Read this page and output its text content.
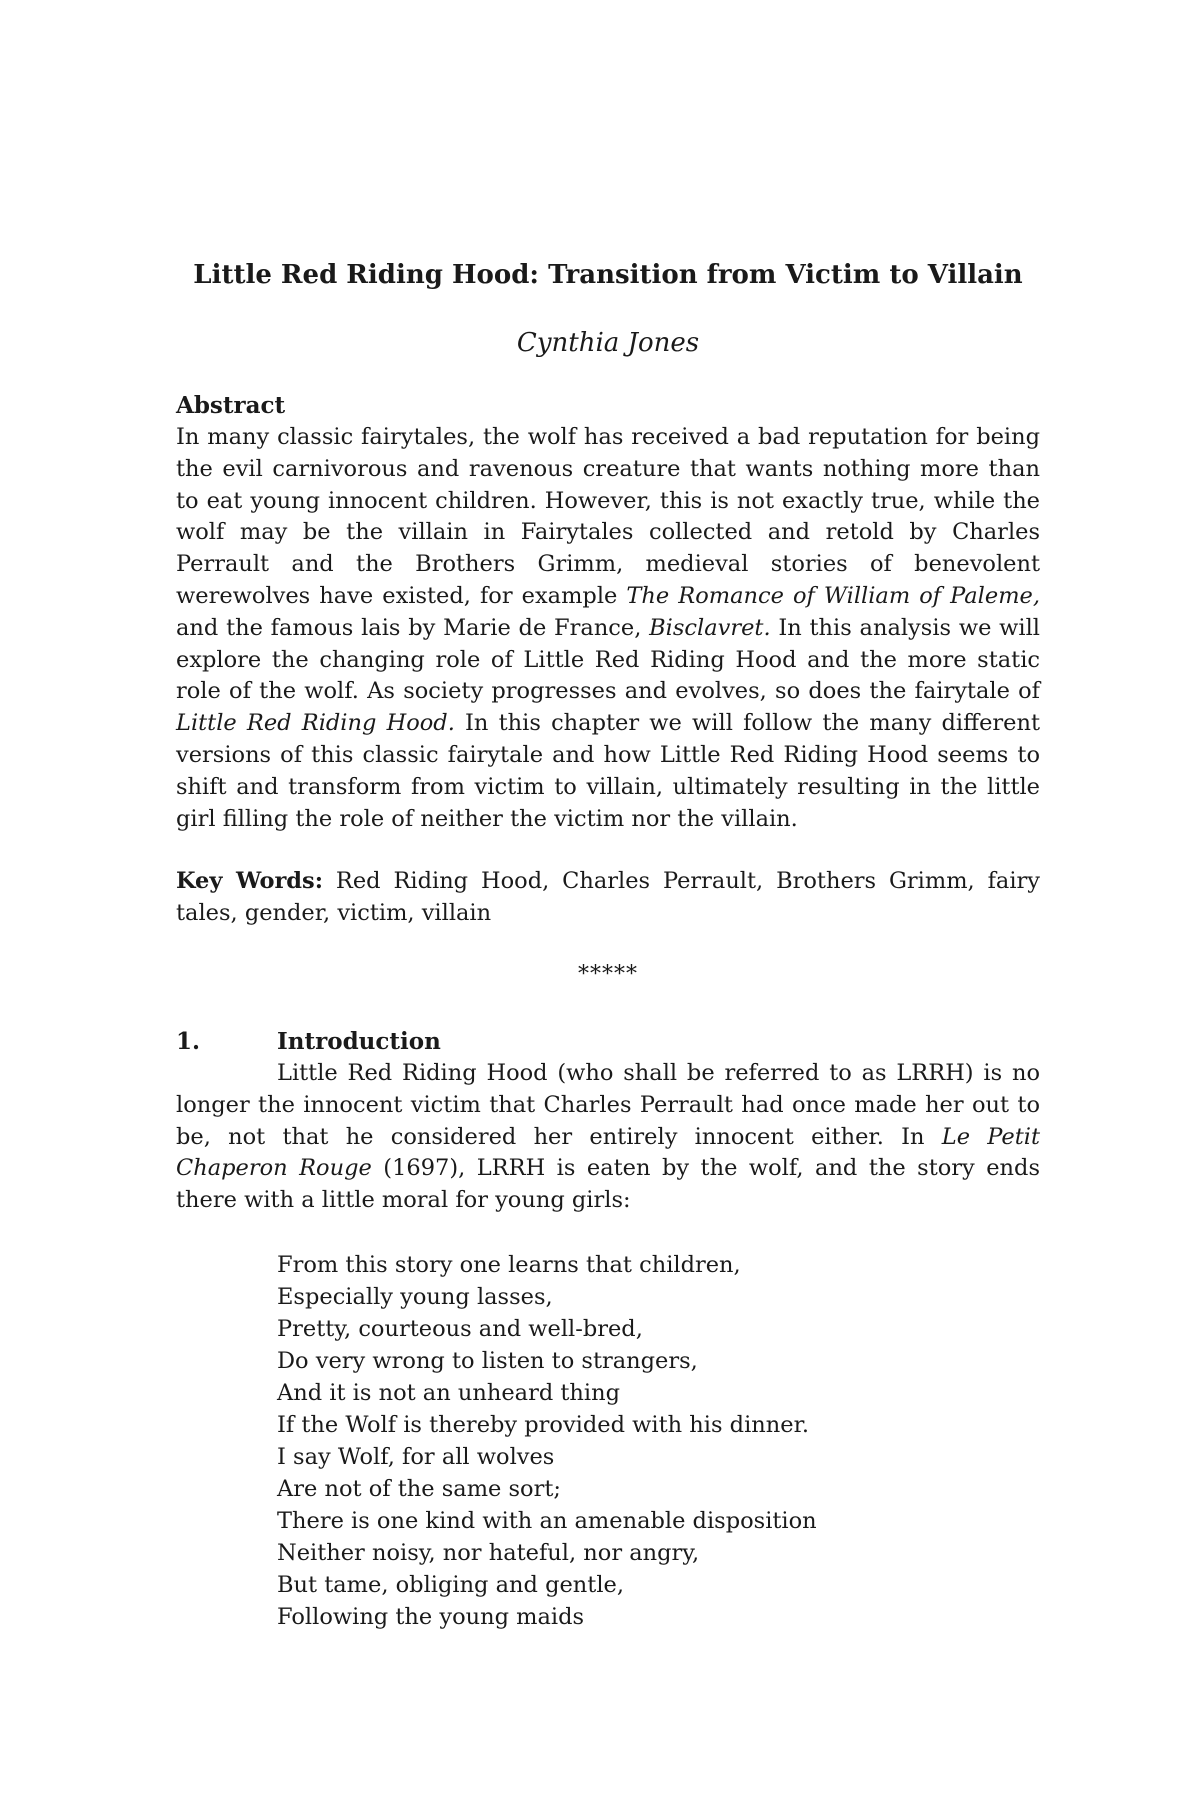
Little Red Riding Hood: Transition from Victim to Villain
Cynthia Jones
Abstract

In many classic fairytales, the wolf has received a bad reputation for being the evil carnivorous and ravenous creature that wants nothing more than to eat young innocent children. However, this is not exactly true, while the wolf may be the villain in Fairytales collected and retold by Charles Perrault and the Brothers Grimm, medieval stories of benevolent werewolves have existed, for example The Romance of William of Paleme, and the famous lais by Marie de France, Bisclavret. In this analysis we will explore the changing role of Little Red Riding Hood and the more static role of the wolf. As society progresses and evolves, so does the fairytale of Little Red Riding Hood. In this chapter we will follow the many different versions of this classic fairytale and how Little Red Riding Hood seems to shift and transform from victim to villain, ultimately resulting in the little girl filling the role of neither the victim nor the villain.

Key Words: Red Riding Hood, Charles Perrault, Brothers Grimm, fairy tales, gender, victim, villain

*****
1.	Introduction

Little Red Riding Hood (who shall be referred to as LRRH) is no longer the innocent victim that Charles Perrault had once made her out to be, not that he considered her entirely innocent either. In Le Petit Chaperon Rouge (1697), LRRH is eaten by the wolf, and the story ends there with a little moral for young girls:

From this story one learns that children,
Especially young lasses,
Pretty, courteous and well-bred,
Do very wrong to listen to strangers,
And it is not an unheard thing
If the Wolf is thereby provided with his dinner.
I say Wolf, for all wolves
Are not of the same sort;
There is one kind with an amenable disposition
Neither noisy, nor hateful, nor angry,
But tame, obliging and gentle,
Following the young maids
